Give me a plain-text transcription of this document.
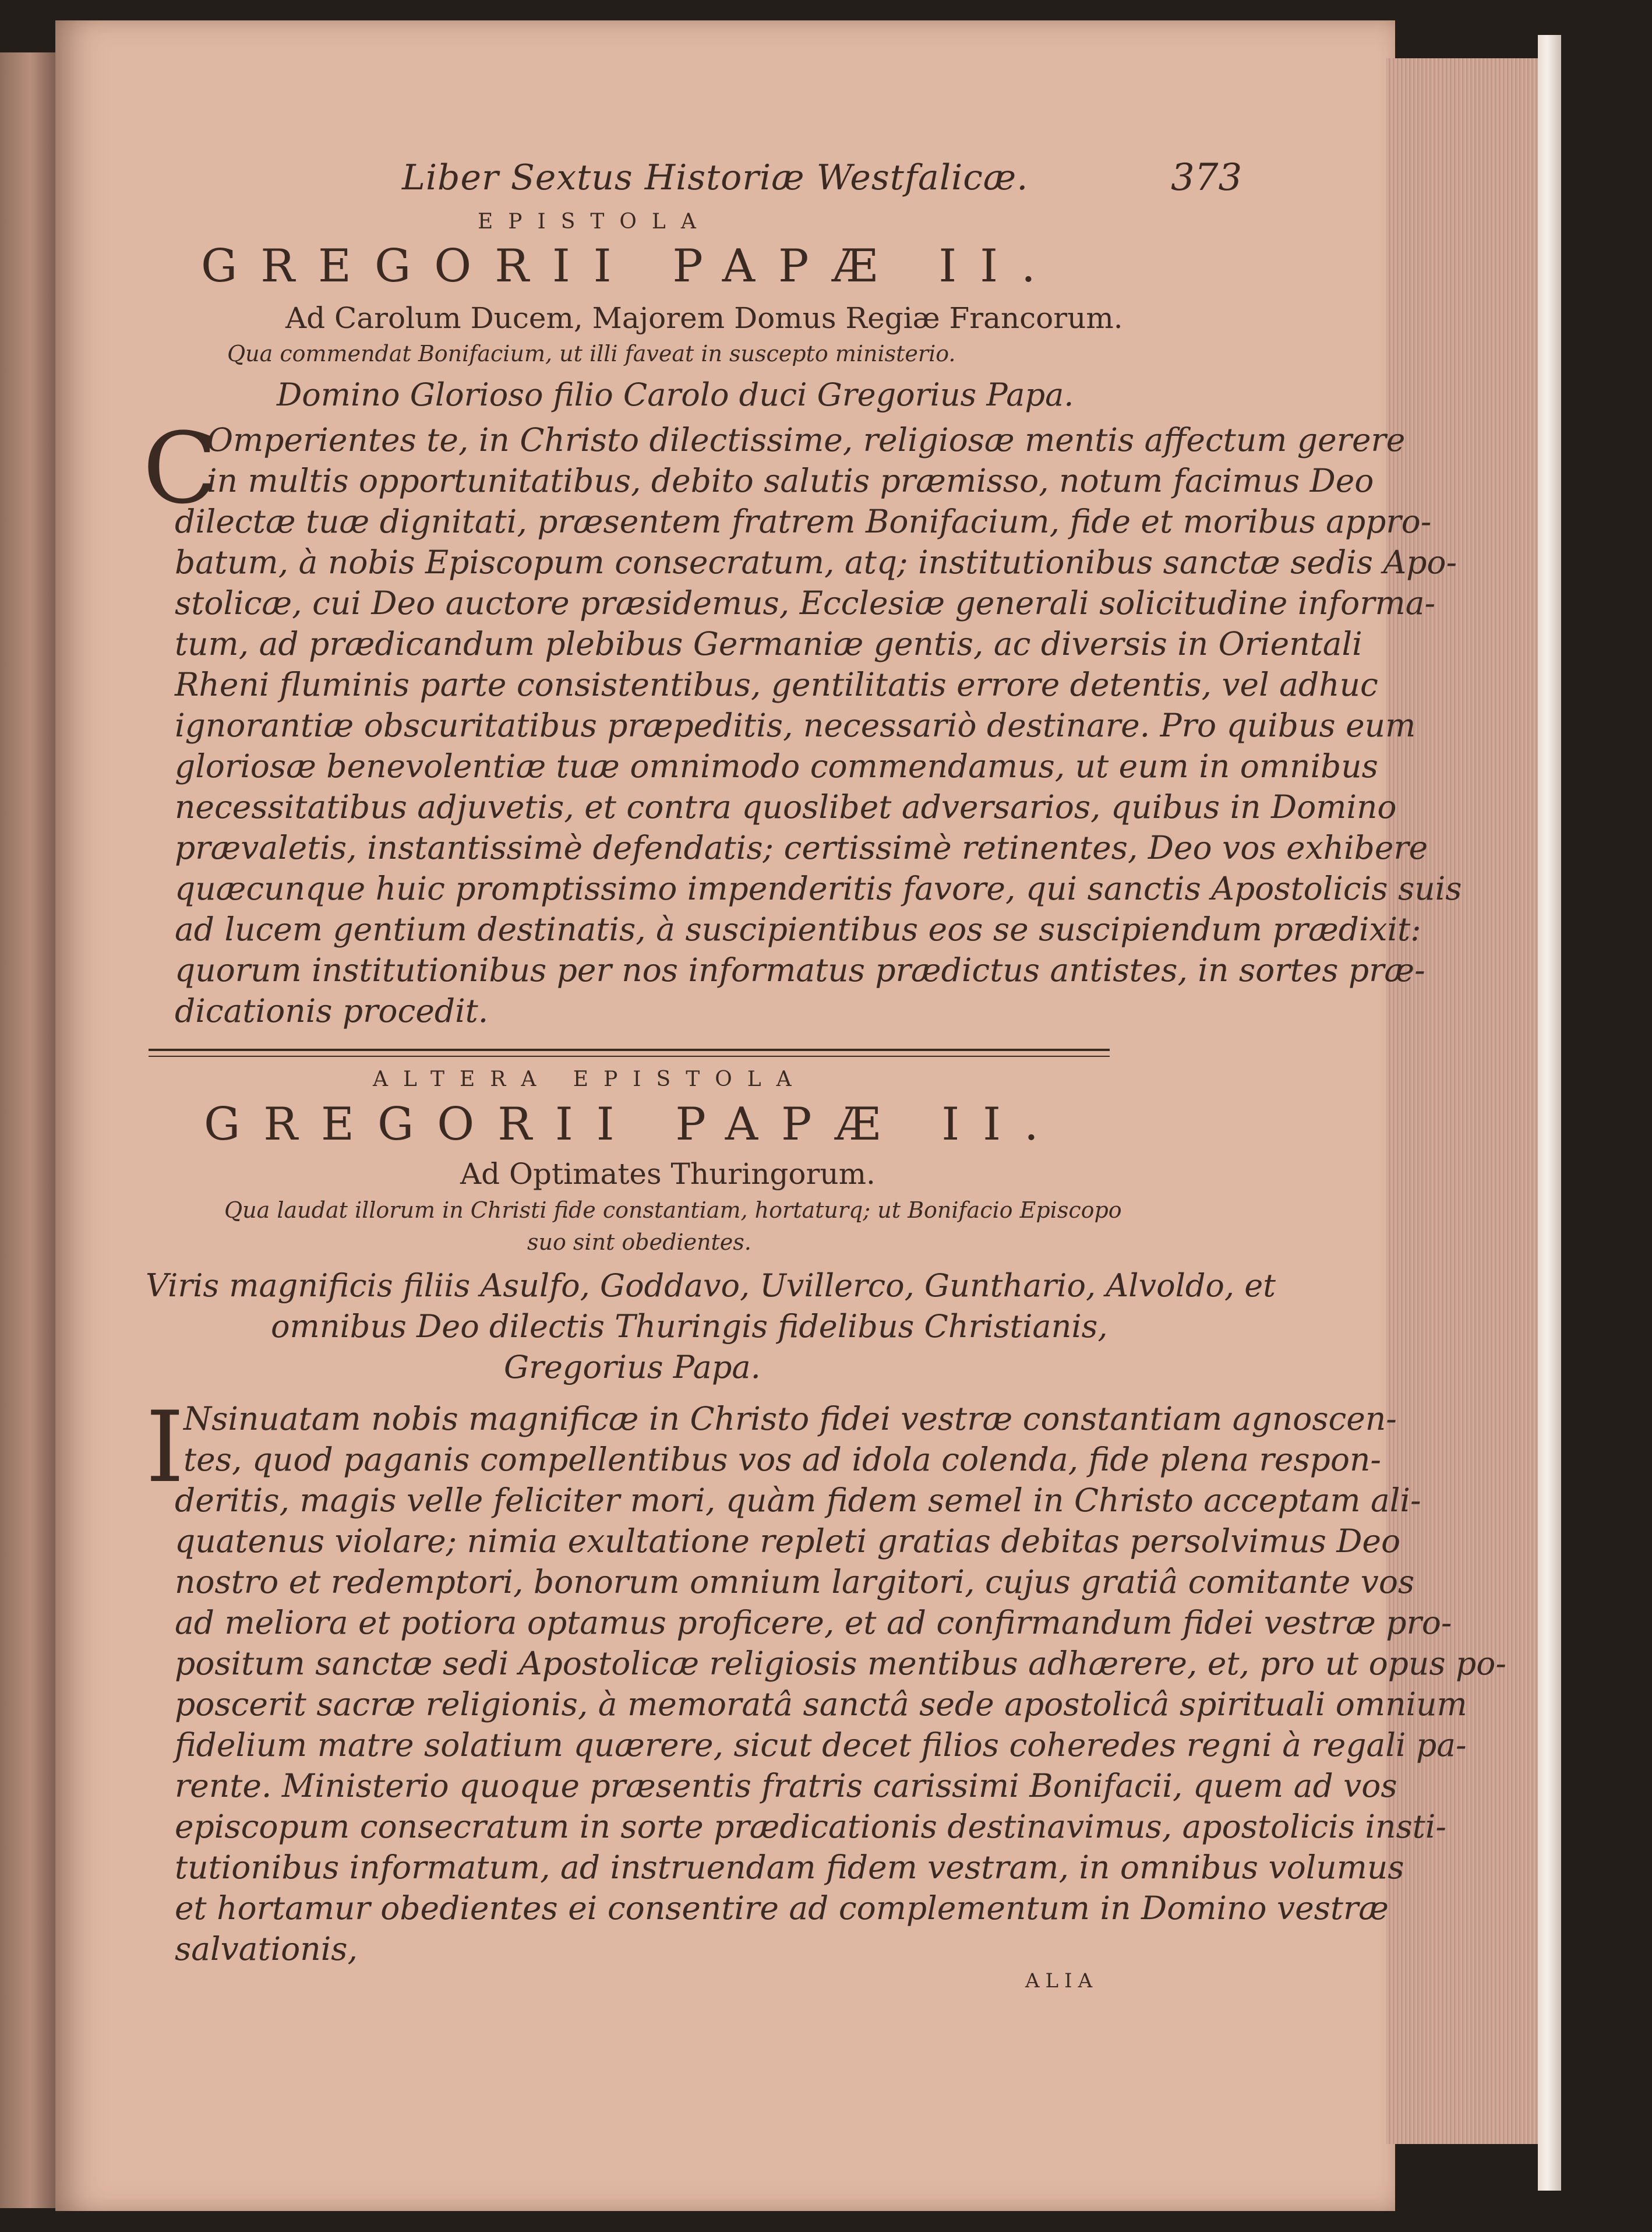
Liber Sextus Historiæ Westfalicæ.	373
EPISTOLA
GREGORII PAPÆ II.
Ad Carolum Ducem, Majorem Domus Regiæ Francorum.
Qua commendat Bonifacium, ut illi faveat in suscepto ministerio.
Domino Glorioso filio Carolo duci Gregorius Papa.
C
Omperientes te, in Christo dilectissime, religiosæ mentis affectum gerere
in multis opportunitatibus, debito salutis præmisso, notum facimus Deo
dilectæ tuæ dignitati, præsentem fratrem Bonifacium, fide et moribus appro-
batum, à nobis Episcopum consecratum, atq; institutionibus sanctæ sedis Apo-
stolicæ, cui Deo auctore præsidemus, Ecclesiæ generali solicitudine informa-
tum, ad prædicandum plebibus Germaniæ gentis, ac diversis in Orientali
Rheni fluminis parte consistentibus, gentilitatis errore detentis, vel adhuc
ignorantiæ obscuritatibus præpeditis, necessariò destinare. Pro quibus eum
gloriosæ benevolentiæ tuæ omnimodo commendamus, ut eum in omnibus
necessitatibus adjuvetis, et contra quoslibet adversarios, quibus in Domino
prævaletis, instantissimè defendatis; certissimè retinentes, Deo vos exhibere
quæcunque huic promptissimo impenderitis favore, qui sanctis Apostolicis suis
ad lucem gentium destinatis, à suscipientibus eos se suscipiendum prædixit:
quorum institutionibus per nos informatus prædictus antistes, in sortes præ-
dicationis procedit.
ALTERA EPISTOLA
GREGORII PAPÆ II.
Ad Optimates Thuringorum.
Qua laudat illorum in Christi fide constantiam, hortaturq; ut Bonifacio Episcopo
suo sint obedientes.
Viris magnificis filiis Asulfo, Goddavo, Uvillerco, Gunthario, Alvoldo, et
omnibus Deo dilectis Thuringis fidelibus Christianis,
Gregorius Papa.
I
Nsinuatam nobis magnificæ in Christo fidei vestræ constantiam agnoscen-
tes, quod paganis compellentibus vos ad idola colenda, fide plena respon-
deritis, magis velle feliciter mori, quàm fidem semel in Christo acceptam ali-
quatenus violare; nimia exultatione repleti gratias debitas persolvimus Deo
nostro et redemptori, bonorum omnium largitori, cujus gratiâ comitante vos
ad meliora et potiora optamus proficere, et ad confirmandum fidei vestræ pro-
positum sanctæ sedi Apostolicæ religiosis mentibus adhærere, et, pro ut opus po-
poscerit sacræ religionis, à memoratâ sanctâ sede apostolicâ spirituali omnium
fidelium matre solatium quærere, sicut decet filios coheredes regni à regali pa-
rente. Ministerio quoque præsentis fratris carissimi Bonifacii, quem ad vos
episcopum consecratum in sorte prædicationis destinavimus, apostolicis insti-
tutionibus informatum, ad instruendam fidem vestram, in omnibus volumus
et hortamur obedientes ei consentire ad complementum in Domino vestræ
salvationis,
ALIA
